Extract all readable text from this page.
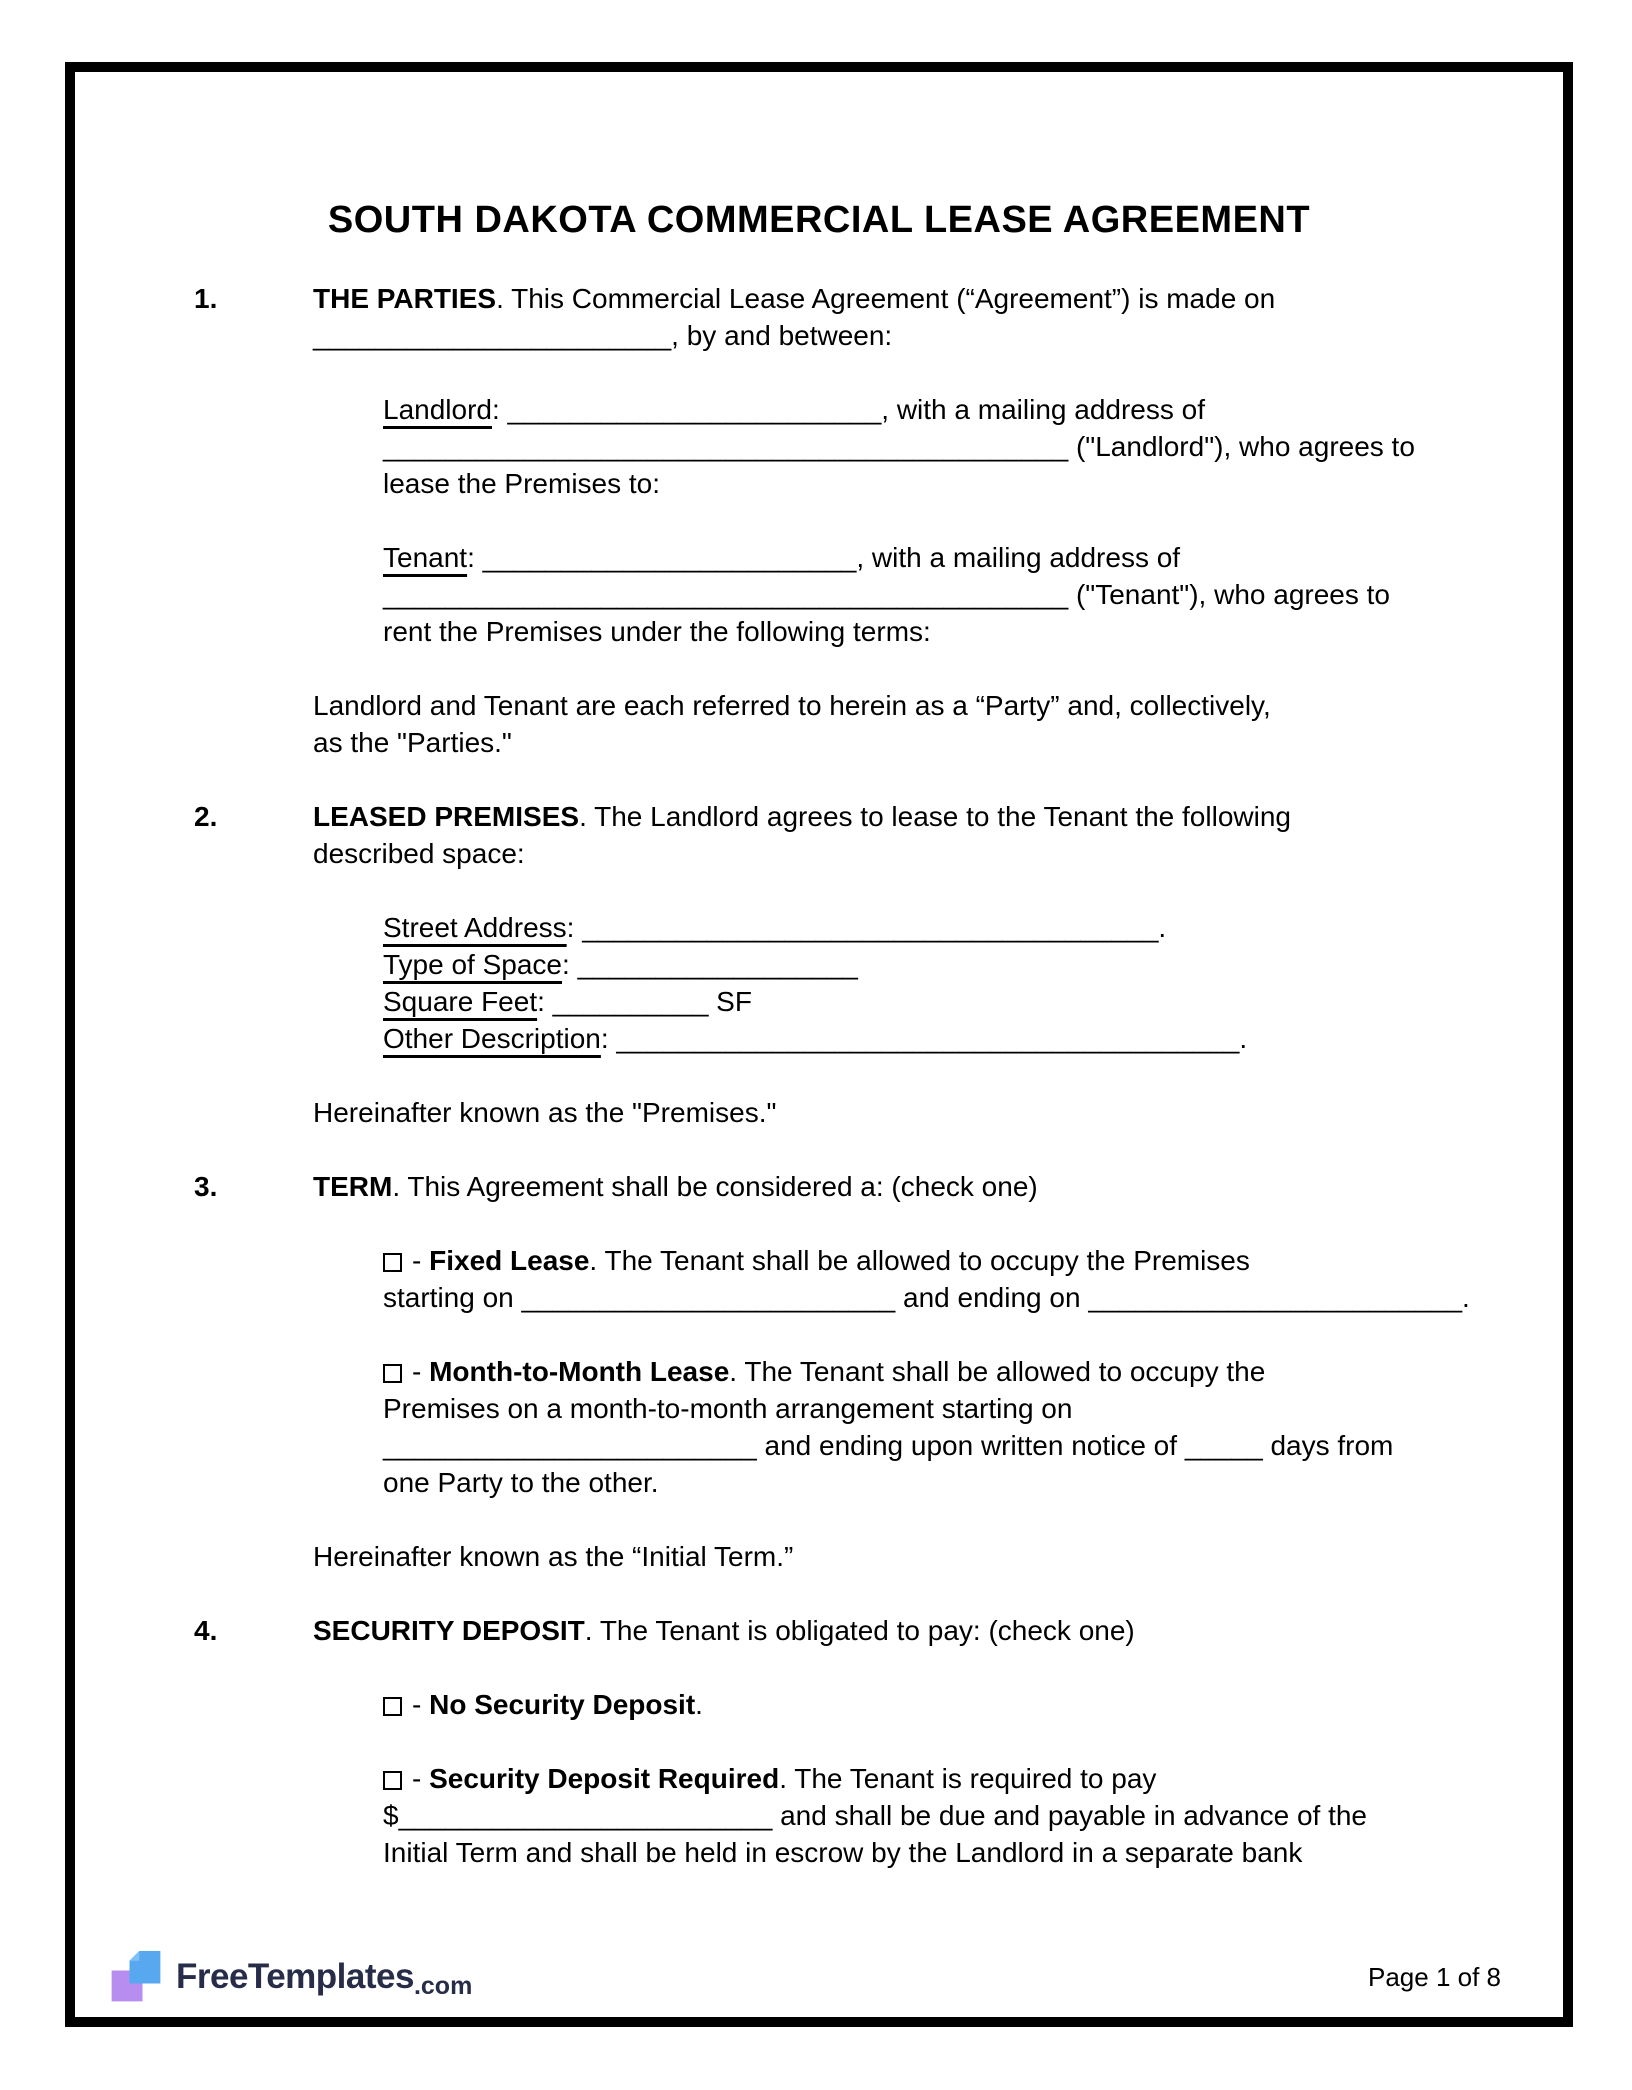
SOUTH DAKOTA COMMERCIAL LEASE AGREEMENT
1.	THE PARTIES. This Commercial Lease Agreement (“Agreement”) is made on
_______________________, by and between:
Landlord: ________________________, with a mailing address of
____________________________________________ ("Landlord"), who agrees to
lease the Premises to:
Tenant: ________________________, with a mailing address of
____________________________________________ ("Tenant"), who agrees to
rent the Premises under the following terms:
Landlord and Tenant are each referred to herein as a “Party” and, collectively,
as the "Parties."
2.	LEASED PREMISES. The Landlord agrees to lease to the Tenant the following
described space:
Street Address: _____________________________________.
Type of Space: __________________
Square Feet: __________ SF
Other Description: ________________________________________.
Hereinafter known as the "Premises."
3.	TERM. This Agreement shall be considered a: (check one)
- Fixed Lease. The Tenant shall be allowed to occupy the Premises
starting on ________________________ and ending on ________________________.
- Month-to-Month Lease. The Tenant shall be allowed to occupy the
Premises on a month-to-month arrangement starting on
________________________ and ending upon written notice of _____ days from
one Party to the other.
Hereinafter known as the “Initial Term.”
4.	SECURITY DEPOSIT. The Tenant is obligated to pay: (check one)
- No Security Deposit.
- Security Deposit Required. The Tenant is required to pay
$________________________ and shall be due and payable in advance of the
Initial Term and shall be held in escrow by the Landlord in a separate bank
FreeTemplates .com	Page 1 of 8
